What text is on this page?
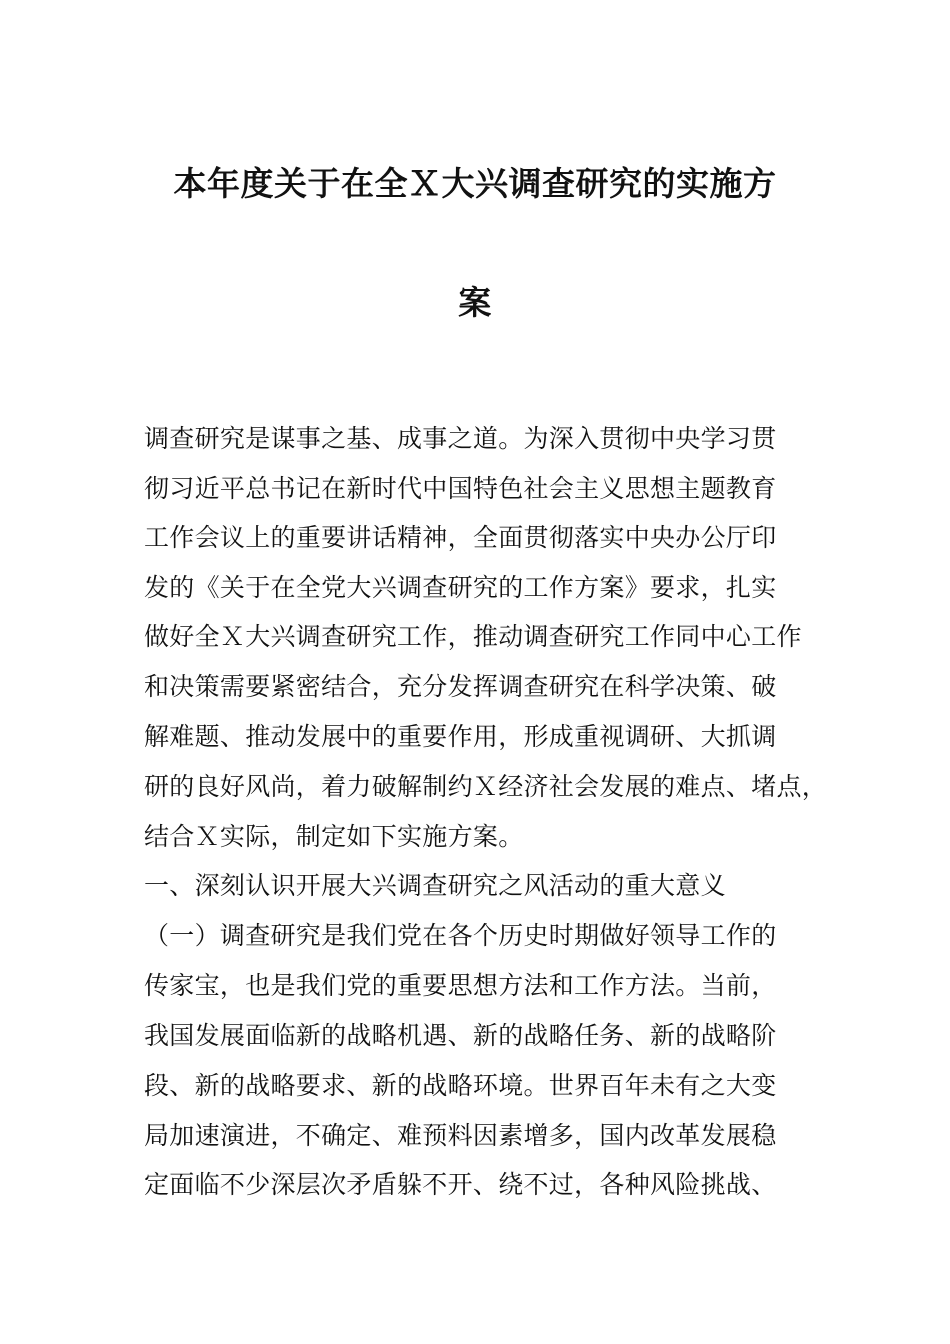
本年度关于在全Ｘ大兴调查研究的实施方
案
调查研究是谋事之基、成事之道。为深入贯彻中央学习贯
彻习近平总书记在新时代中国特色社会主义思想主题教育
工作会议上的重要讲话精神，全面贯彻落实中央办公厅印
发的《关于在全党大兴调查研究的工作方案》要求，扎实
做好全Ｘ大兴调查研究工作，推动调查研究工作同中心工作
和决策需要紧密结合，充分发挥调查研究在科学决策、破
解难题、推动发展中的重要作用，形成重视调研、大抓调
研的良好风尚，着力破解制约Ｘ经济社会发展的难点、堵点，
结合Ｘ实际，制定如下实施方案。
一、深刻认识开展大兴调查研究之风活动的重大意义
（一）调查研究是我们党在各个历史时期做好领导工作的
传家宝，也是我们党的重要思想方法和工作方法。当前，
我国发展面临新的战略机遇、新的战略任务、新的战略阶
段、新的战略要求、新的战略环境。世界百年未有之大变
局加速演进，不确定、难预料因素增多，国内改革发展稳
定面临不少深层次矛盾躲不开、绕不过，各种风险挑战、
